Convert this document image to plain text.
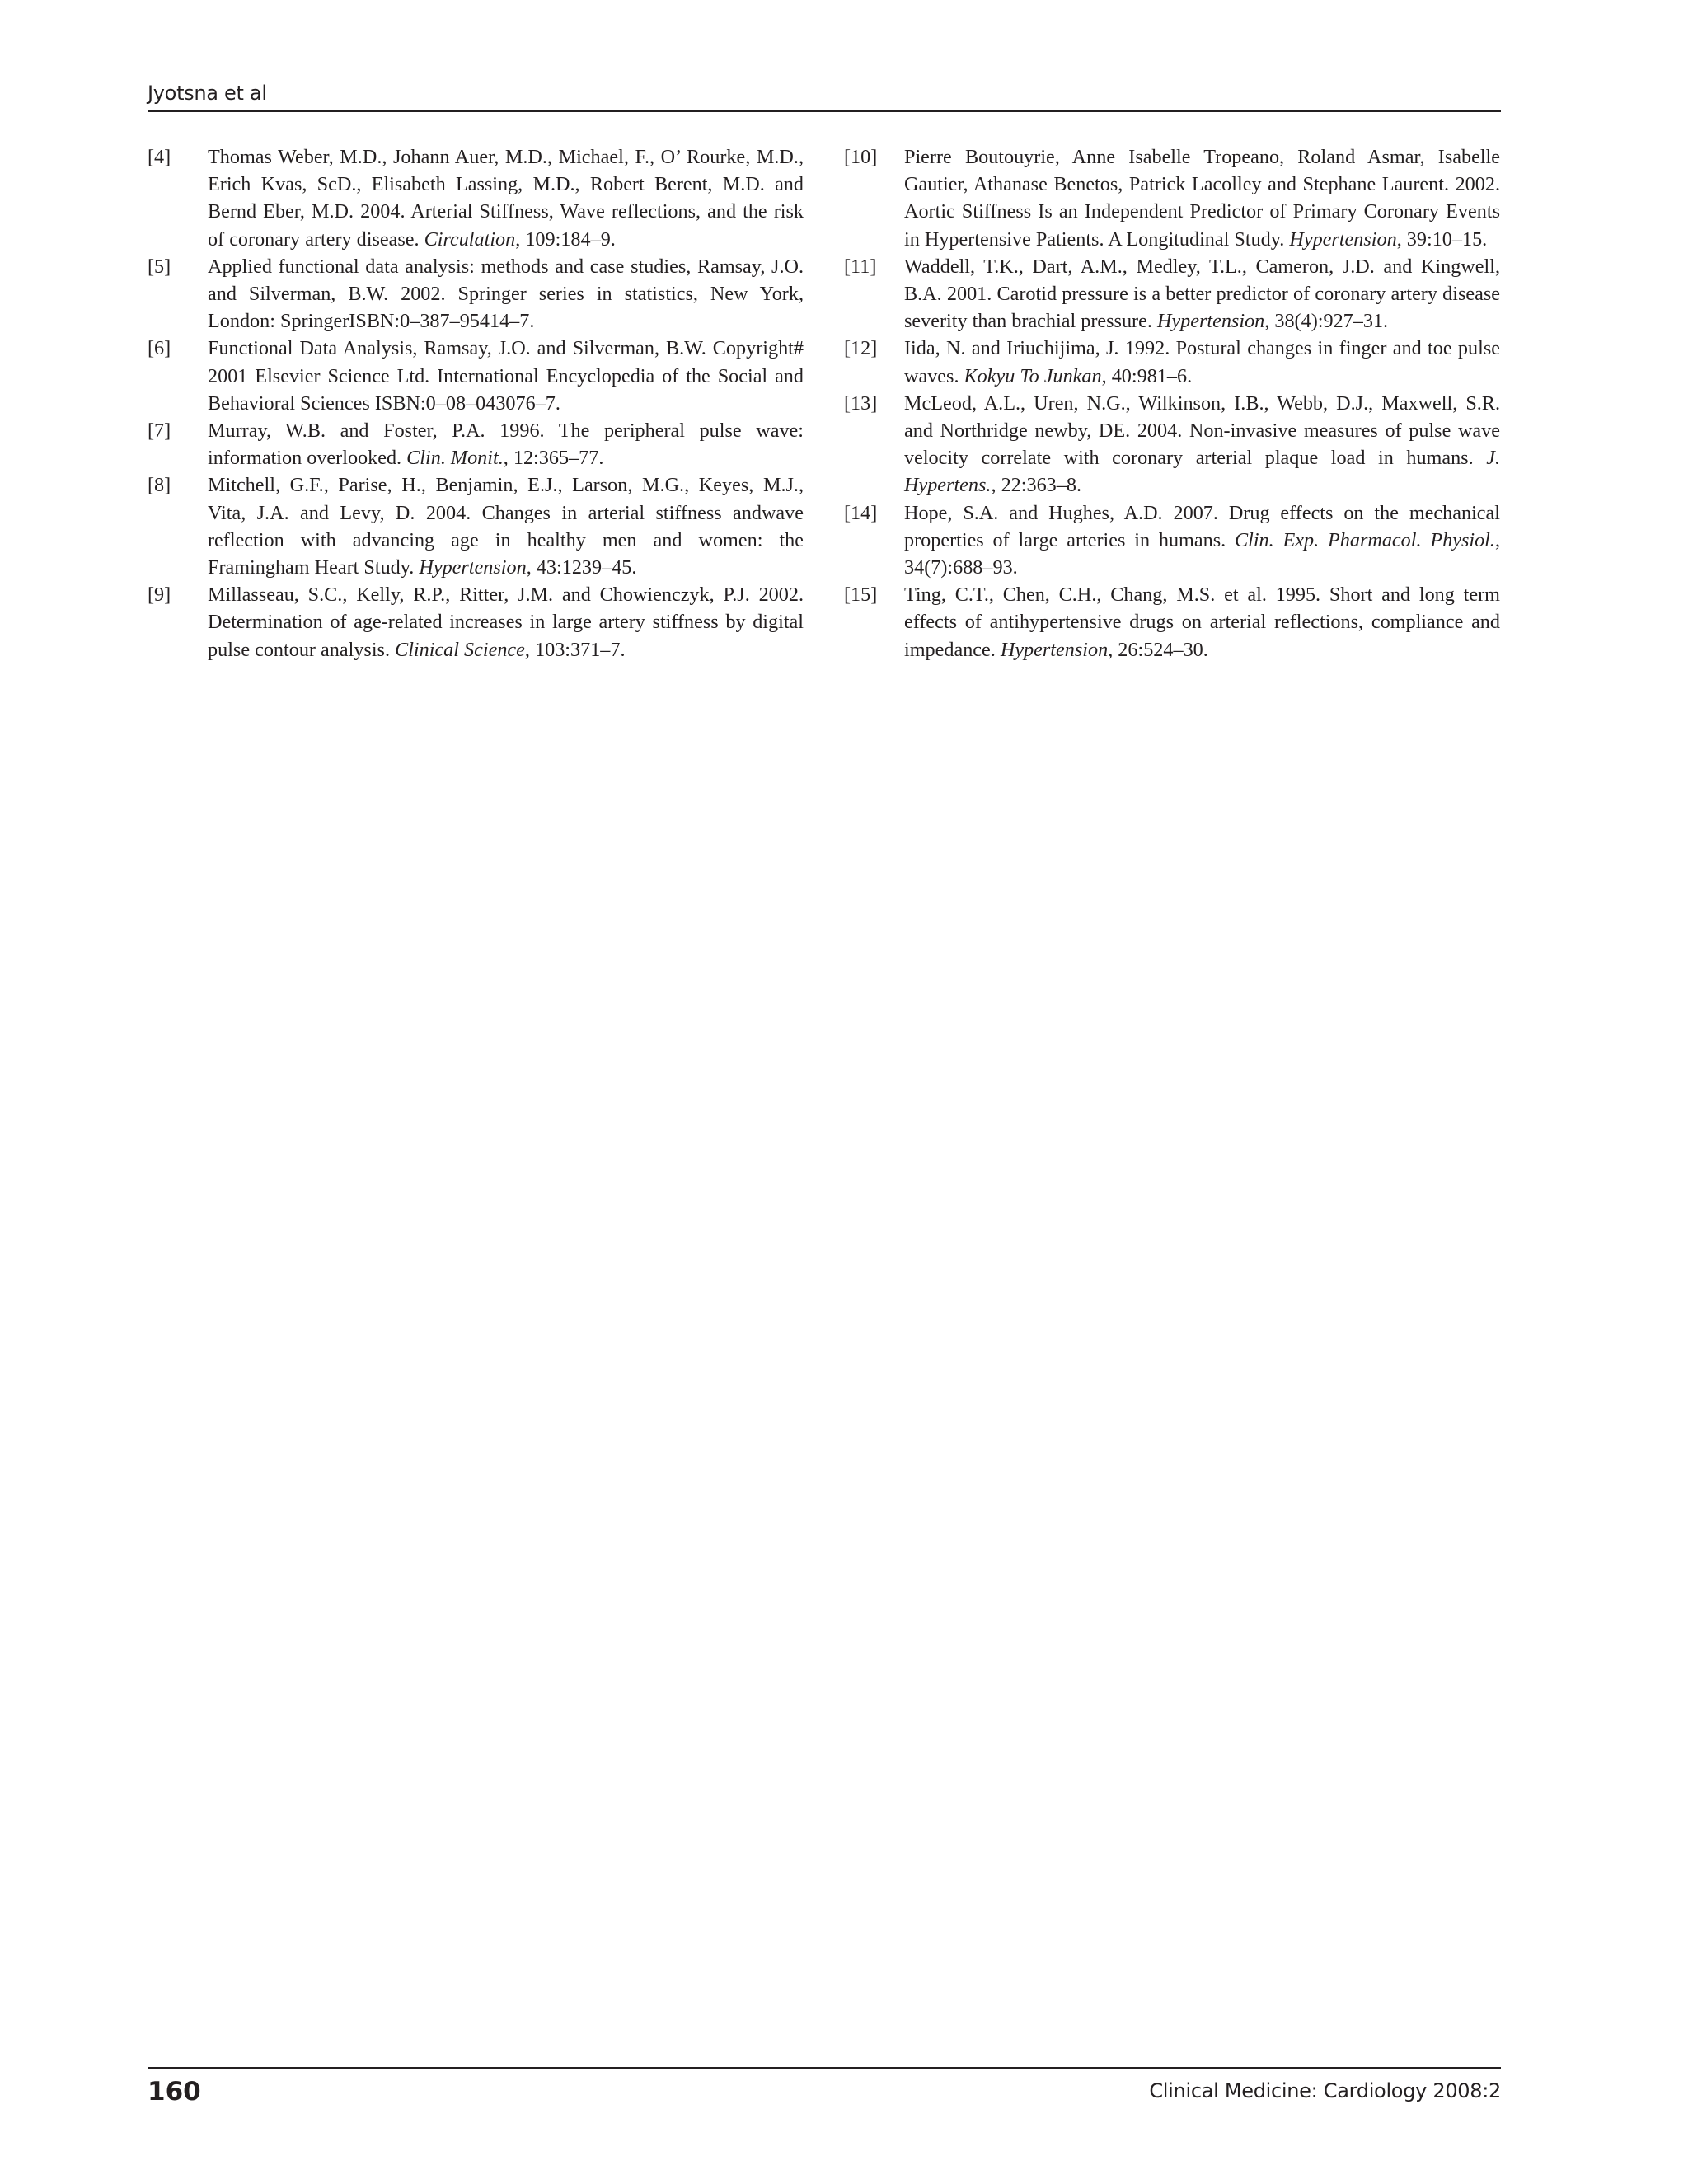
Jyotsna et al
[4] Thomas Weber, M.D., Johann Auer, M.D., Michael, F., O’ Rourke, M.D., Erich Kvas, ScD., Elisabeth Lassing, M.D., Robert Berent, M.D. and Bernd Eber, M.D. 2004. Arterial Stiffness, Wave reflections, and the risk of coronary artery disease. Circulation, 109:184–9.
[5] Applied functional data analysis: methods and case studies, Ramsay, J.O. and Silverman, B.W. 2002. Springer series in statistics, New York, London: SpringerISBN:0–387–95414–7.
[6] Functional Data Analysis, Ramsay, J.O. and Silverman, B.W. Copyright# 2001 Elsevier Science Ltd. International Encyclopedia of the Social and Behavioral Sciences ISBN:0–08–043076–7.
[7] Murray, W.B. and Foster, P.A. 1996. The peripheral pulse wave: information overlooked. Clin. Monit., 12:365–77.
[8] Mitchell, G.F., Parise, H., Benjamin, E.J., Larson, M.G., Keyes, M.J., Vita, J.A. and Levy, D. 2004. Changes in arterial stiffness andwave reflection with advancing age in healthy men and women: the Framingham Heart Study. Hypertension, 43:1239–45.
[9] Millasseau, S.C., Kelly, R.P., Ritter, J.M. and Chowienczyk, P.J. 2002. Determination of age-related increases in large artery stiffness by digital pulse contour analysis. Clinical Science, 103:371–7.
[10] Pierre Boutouyrie, Anne Isabelle Tropeano, Roland Asmar, Isabelle Gautier, Athanase Benetos, Patrick Lacolley and Stephane Laurent. 2002. Aortic Stiffness Is an Independent Predictor of Primary Coronary Events in Hypertensive Patients. A Longitudinal Study. Hypertension, 39:10–15.
[11] Waddell, T.K., Dart, A.M., Medley, T.L., Cameron, J.D. and Kingwell, B.A. 2001. Carotid pressure is a better predictor of coronary artery disease severity than brachial pressure. Hypertension, 38(4):927–31.
[12] Iida, N. and Iriuchijima, J. 1992. Postural changes in finger and toe pulse waves. Kokyu To Junkan, 40:981–6.
[13] McLeod, A.L., Uren, N.G., Wilkinson, I.B., Webb, D.J., Maxwell, S.R. and Northridge newby, DE. 2004. Non-invasive measures of pulse wave velocity correlate with coronary arterial plaque load in humans. J. Hypertens., 22:363–8.
[14] Hope, S.A. and Hughes, A.D. 2007. Drug effects on the mechanical properties of large arteries in humans. Clin. Exp. Pharmacol. Physiol., 34(7):688–93.
[15] Ting, C.T., Chen, C.H., Chang, M.S. et al. 1995. Short and long term effects of antihypertensive drugs on arterial reflections, compliance and impedance. Hypertension, 26:524–30.
160	Clinical Medicine: Cardiology 2008:2
